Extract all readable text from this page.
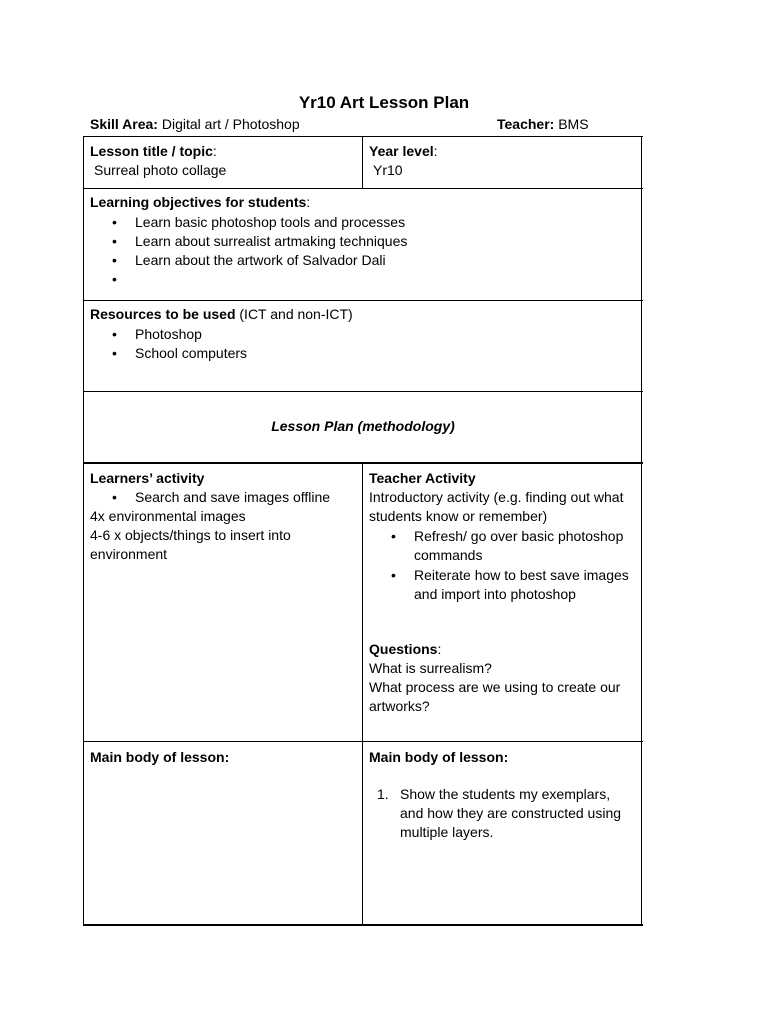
Yr10 Art Lesson Plan
Skill Area: Digital art / Photoshop	Teacher: BMS
Lesson title / topic:
Surreal photo collage
Year level:
Yr10
Learning objectives for students:
• Learn basic photoshop tools and processes
• Learn about surrealist artmaking techniques
• Learn about the artwork of Salvador Dali
•
Resources to be used (ICT and non-ICT)
• Photoshop
• School computers
Lesson Plan (methodology)
Learners’ activity
• Search and save images offline
4x environmental images
4-6 x objects/things to insert into environment
Teacher Activity
Introductory activity (e.g. finding out what students know or remember)
• Refresh/ go over basic photoshop commands
• Reiterate how to best save images and import into photoshop
Questions:
What is surrealism?
What process are we using to create our artworks?
Main body of lesson:	Main body of lesson:
1. Show the students my exemplars, and how they are constructed using multiple layers.
